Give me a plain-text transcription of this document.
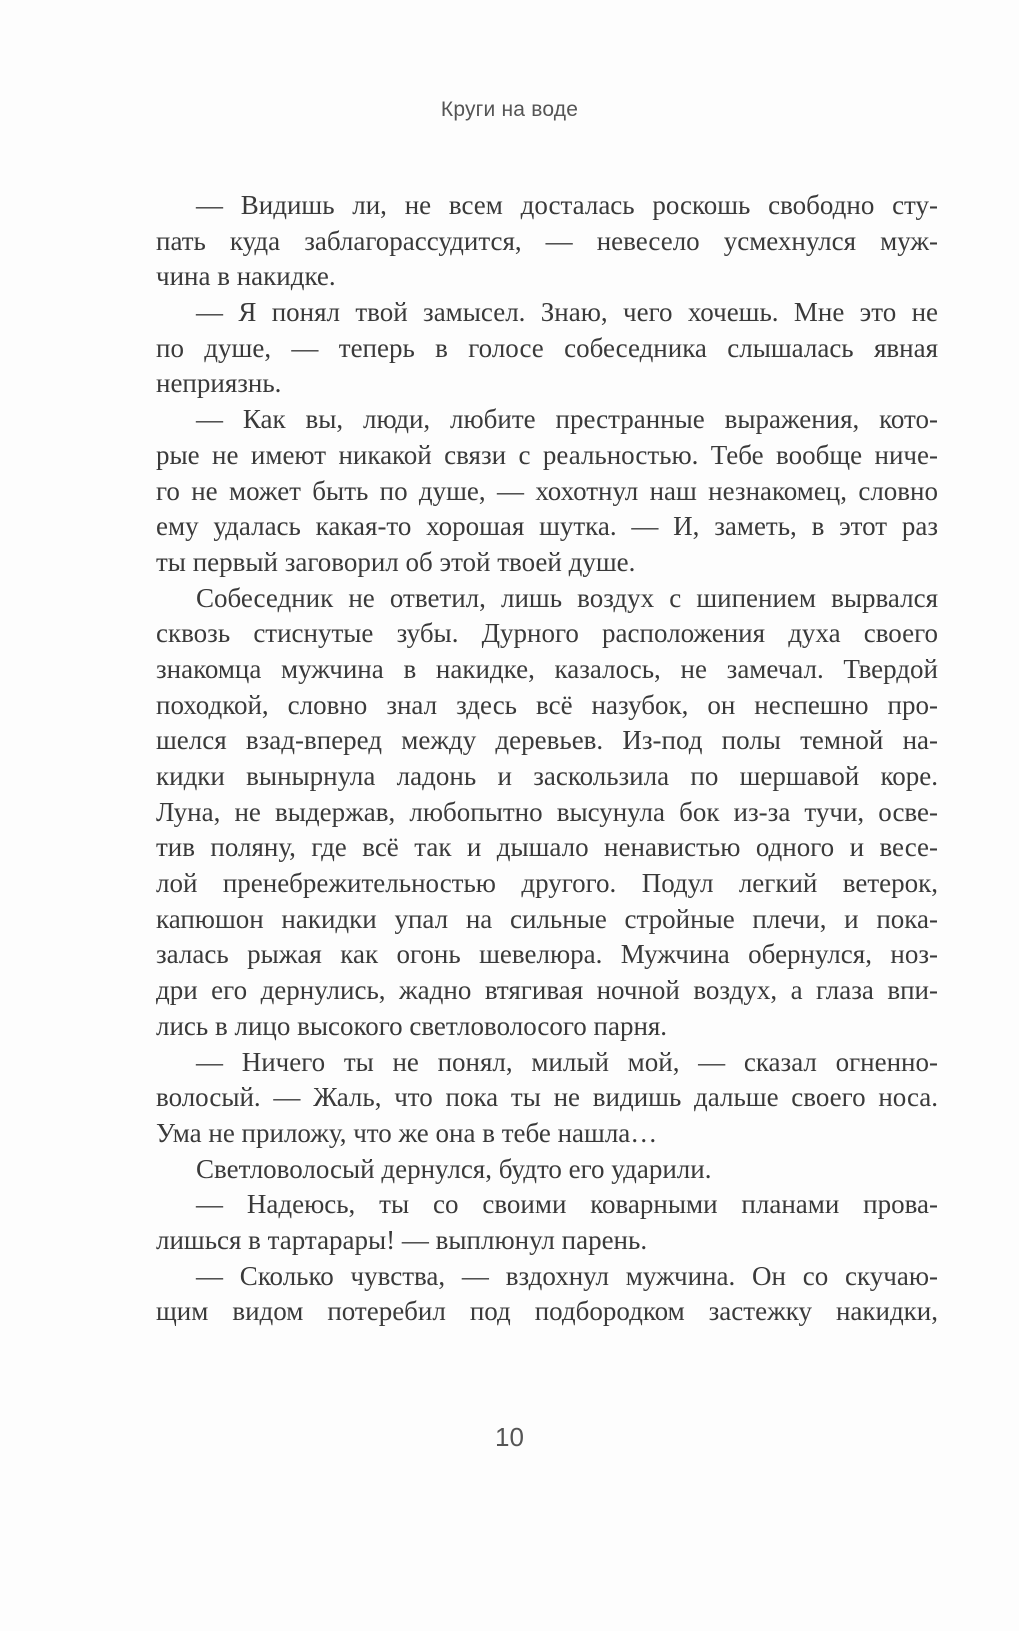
Круги на воде
— Видишь ли, не всем досталась роскошь свободно сту-
пать куда заблагорассудится, — невесело усмехнулся муж-
чина в накидке.
— Я понял твой замысел. Знаю, чего хочешь. Мне это не
по душе, — теперь в голосе собеседника слышалась явная
неприязнь.
— Как вы, люди, любите престранные выражения, кото-
рые не имеют никакой связи с реальностью. Тебе вообще ниче-
го не может быть по душе, — хохотнул наш незнакомец, словно
ему удалась какая-то хорошая шутка. — И, заметь, в этот раз
ты первый заговорил об этой твоей душе.
Собеседник не ответил, лишь воздух с шипением вырвался
сквозь стиснутые зубы. Дурного расположения духа своего
знакомца мужчина в накидке, казалось, не замечал. Твердой
походкой, словно знал здесь всё назубок, он неспешно про-
шелся взад-вперед между деревьев. Из-под полы темной на-
кидки вынырнула ладонь и заскользила по шершавой коре.
Луна, не выдержав, любопытно высунула бок из-за тучи, осве-
тив поляну, где всё так и дышало ненавистью одного и весе-
лой пренебрежительностью другого. Подул легкий ветерок,
капюшон накидки упал на сильные стройные плечи, и пока-
залась рыжая как огонь шевелюра. Мужчина обернулся, ноз-
дри его дернулись, жадно втягивая ночной воздух, а глаза впи-
лись в лицо высокого светловолосого парня.
— Ничего ты не понял, милый мой, — сказал огненно-
волосый. — Жаль, что пока ты не видишь дальше своего носа.
Ума не приложу, что же она в тебе нашла…
Светловолосый дернулся, будто его ударили.
— Надеюсь, ты со своими коварными планами прова-
лишься в тартарары! — выплюнул парень.
— Сколько чувства, — вздохнул мужчина. Он со скучаю-
щим видом потеребил под подбородком застежку накидки,
10
